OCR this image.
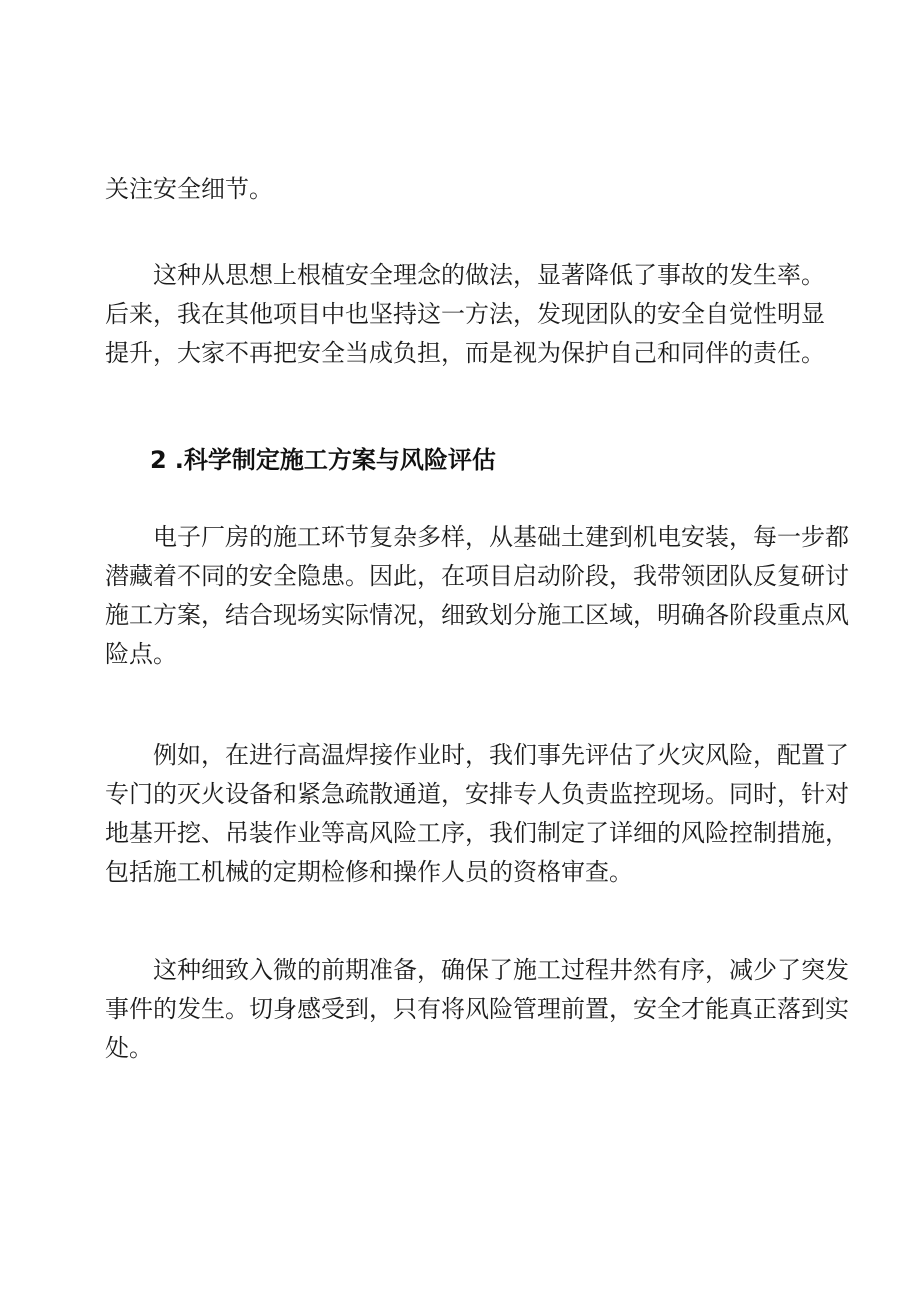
关注安全细节。

　　这种从思想上根植安全理念的做法，显著降低了事故的发生率。
后来，我在其他项目中也坚持这一方法，发现团队的安全自觉性明显
提升，大家不再把安全当成负担，而是视为保护自己和同伴的责任。

2 .科学制定施工方案与风险评估

　　电子厂房的施工环节复杂多样，从基础土建到机电安装，每一步都
潜藏着不同的安全隐患。因此，在项目启动阶段，我带领团队反复研讨
施工方案，结合现场实际情况，细致划分施工区域，明确各阶段重点风
险点。

　　例如，在进行高温焊接作业时，我们事先评估了火灾风险，配置了
专门的灭火设备和紧急疏散通道，安排专人负责监控现场。同时，针对
地基开挖、吊装作业等高风险工序，我们制定了详细的风险控制措施，
包括施工机械的定期检修和操作人员的资格审查。

　　这种细致入微的前期准备，确保了施工过程井然有序，减少了突发
事件的发生。切身感受到，只有将风险管理前置，安全才能真正落到实
处。
